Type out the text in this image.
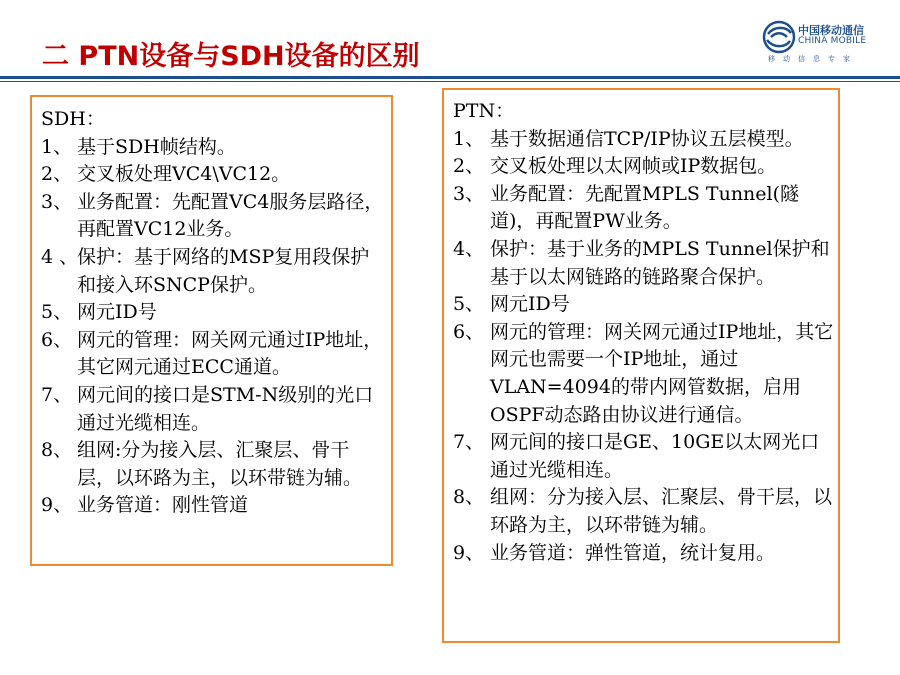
二 PTN设备与SDH设备的区别
中国移动通信
CHINA MOBILE
移动信息专家
SDH：
1、 基于SDH帧结构。
2、 交叉板处理VC4\VC12。
3、 业务配置：先配置VC4服务层路径，再配置VC12业务。
4 、
保护：基于网络的MSP复用段保护和接入环SNCP保护。
5、 网元ID号
6、 网元的管理：网关网元通过IP地址，其它网元通过ECC通道。
7、 网元间的接口是STM-N级别的光口通过光缆相连。
8、 组网:分为接入层、汇聚层、骨干层，以环路为主，以环带链为辅。
9、 业务管道：刚性管道
PTN：
1、 基于数据通信TCP/IP协议五层模型。
2、 交叉板处理以太网帧或IP数据包。
3、 业务配置：先配置MPLS Tunnel(隧道)，再配置PW业务。
4、 保护：基于业务的MPLS Tunnel保护和基于以太网链路的链路聚合保护。
5、 网元ID号
6、 网元的管理：网关网元通过IP地址，其它网元也需要一个IP地址，通过VLAN=4094的带内网管数据，启用OSPF动态路由协议进行通信。
7、 网元间的接口是GE、10GE以太网光口通过光缆相连。
8、 组网：分为接入层、汇聚层、骨干层，以环路为主，以环带链为辅。
9、 业务管道：弹性管道，统计复用。
